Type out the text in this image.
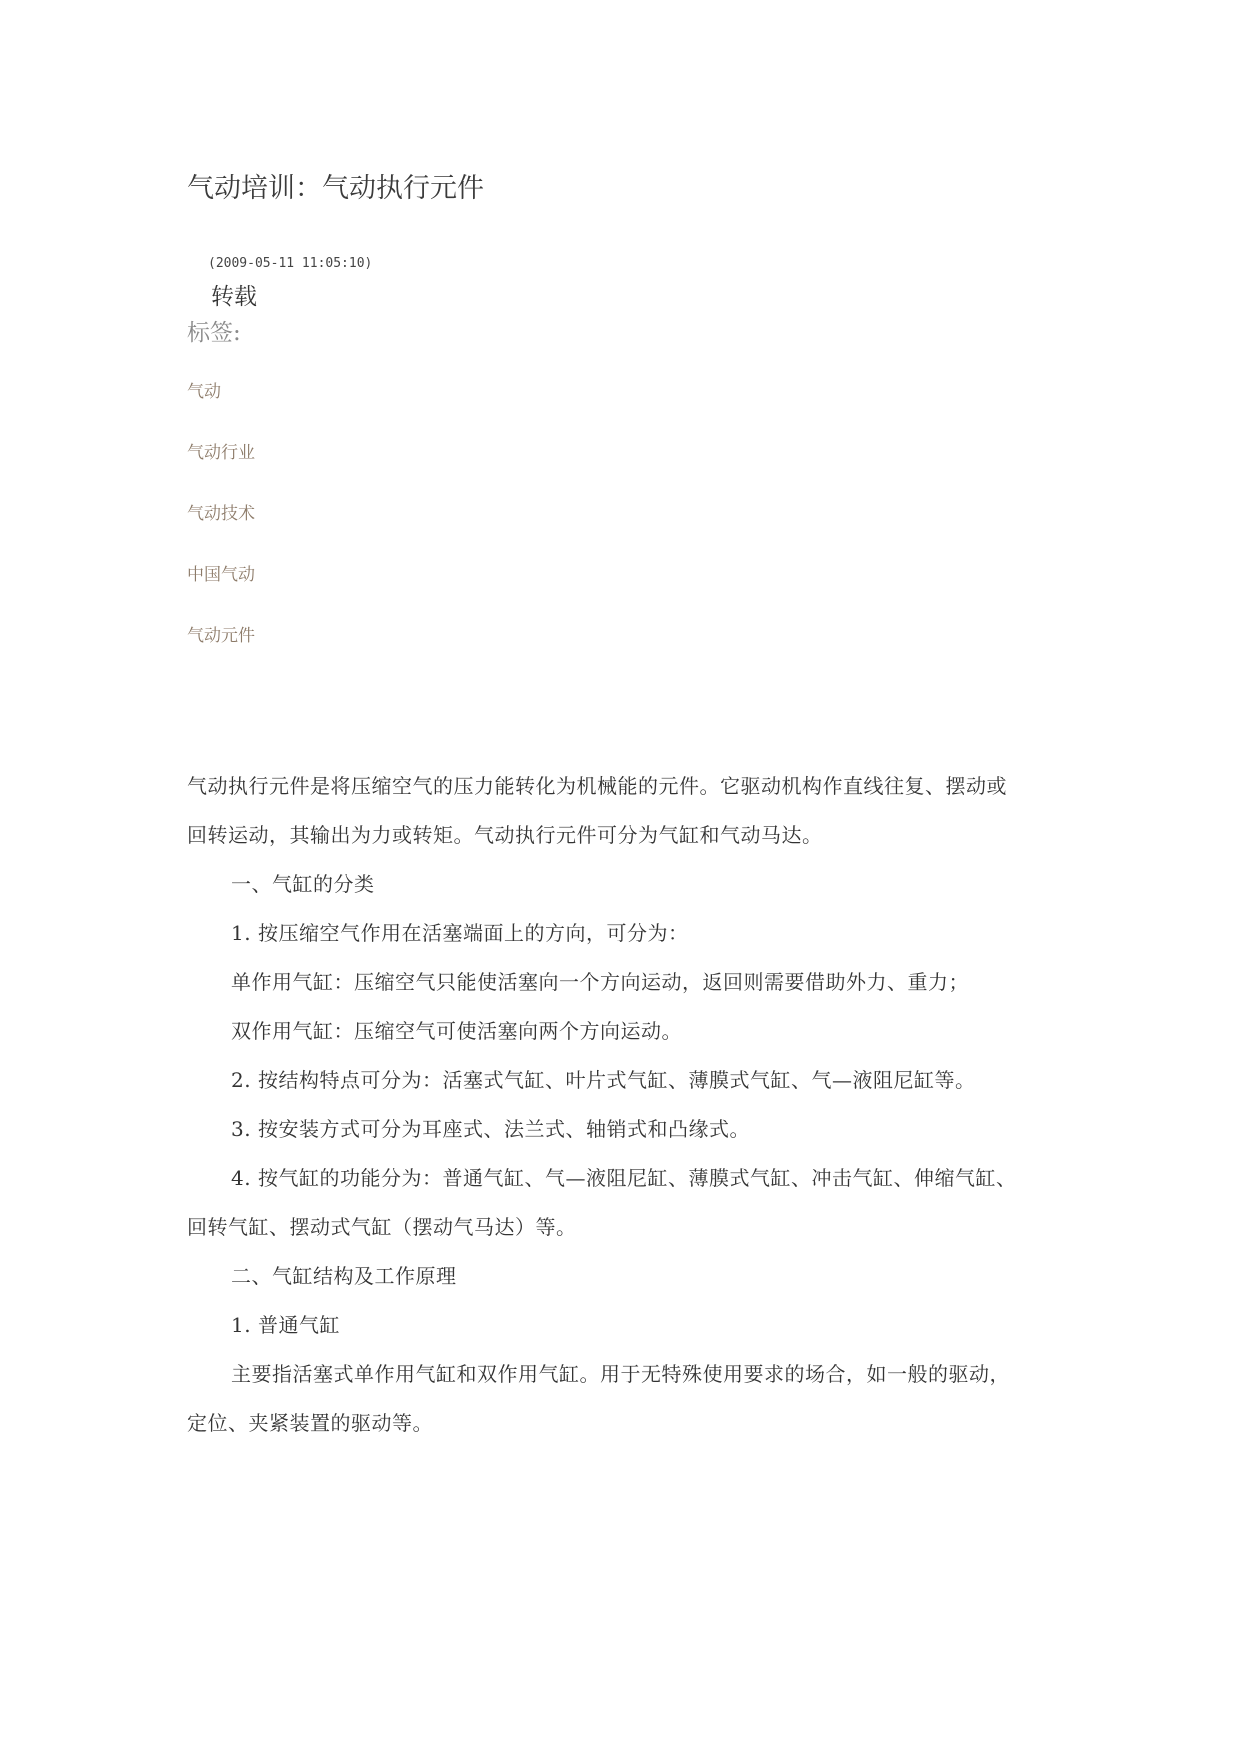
气动培训：气动执行元件
(2009-05-11 11:05:10)
转载
标签:
气动
气动行业
气动技术
中国气动
气动元件
气动执行元件是将压缩空气的压力能转化为机械能的元件。它驱动机构作直线往复、摆动或
回转运动，其输出为力或转矩。气动执行元件可分为气缸和气动马达。
一、气缸的分类
1. 按压缩空气作用在活塞端面上的方向，可分为：
单作用气缸：压缩空气只能使活塞向一个方向运动，返回则需要借助外力、重力；
双作用气缸：压缩空气可使活塞向两个方向运动。
2. 按结构特点可分为：活塞式气缸、叶片式气缸、薄膜式气缸、气—液阻尼缸等。
3. 按安装方式可分为耳座式、法兰式、轴销式和凸缘式。
4. 按气缸的功能分为：普通气缸、气—液阻尼缸、薄膜式气缸、冲击气缸、伸缩气缸、
回转气缸、摆动式气缸（摆动气马达）等。
二、气缸结构及工作原理
1. 普通气缸
主要指活塞式单作用气缸和双作用气缸。用于无特殊使用要求的场合，如一般的驱动，
定位、夹紧装置的驱动等。
